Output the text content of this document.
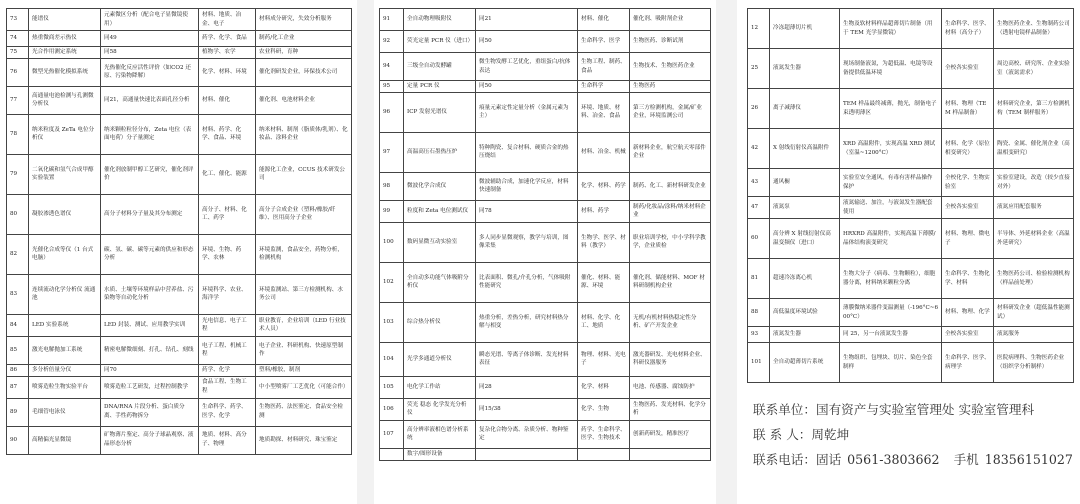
73	能谱仪	元素微区分析（配合电子显微镜使用）	材料、地质、冶金、电子	材料成分研究，失效分析服务
74	热重微商差示热仪	同49	药学、化学、食品	制药/化工企业
75	光合作用测定系统	同58	植物学、农学	农业科研，育种
76	微型光热催化模拟系统	光热催化反应活性评价（如CO2 还原、污染物降解）	化学、材料、环境	催化剂研发企业，环保技术公司
77	高通量电池检测与孔测微分析仪	同21，高通量快速比表面孔径分析	材料、催化	催化剂、电池材料企业
78	纳米粒度及 ZeTa 电位分析仪	纳米颗粒粒径分布，Zeta 电位（表面电荷）分子量测定	材料、药学、化学、食品、环境	纳米材料、制剂（脂质体/乳剂）、化妆品、涂料企业
79	二氧化碳和氢气合成甲醇实验装置	催化剂放制甲醇工艺研究，催化剂评价	化工、催化、能源	能源化工企业，CCUS 技术研发公司
80	凝胶渗透色谱仪	高分子材料分子量及其分布测定	高分子、材料、化工、药学	高分子合成企业（塑料/橡胶/纤维）、医用高分子企业
82	光催化合成等仪（1 台式电脑）	碳、氢、碳、碳等元素的供应和形态分析	环境、生物、药学、农林	环境监测，食品安全，药物分析，检测机构
83	连续流动化学分析仪 流通池	水质、土壤等环境样品中营养盐、污染物等自动化分析	环境科学、农业、海洋学	环境监测站、第三方检测机构、水务公司
84	LED 实验系统	LED 封装、测试、应用教学实训	光电信息、电子工程	职业教育，企业培训（LED 行业技术人员）
85	激光电解抛加工系统	精密电解微细刻、打孔、钻孔、刻线	电子工程、机械工程	电子企业、科研机构、快速原型制作
86	多分析倍量分仪	同70	药学、化学	塑料/橡胶，制剂
87	喷雾造粒生物实验平台	喷雾造粒工艺研发，过程控制教学	食品工程、生物工程	中小型喷雾厂工艺优化（可能合作）
89	毛细管电泳仪	DNA/RNA 片段分析、蛋白质分离、手性药物拆分	生命科学、药学、医学、化学	生物医药、法医鉴定、食品安全检测
90	高精偏光显微镜	矿物薄片鉴定、高分子球晶观察、液晶形态分析	地质、材料、高分子、物理	地质勘探、材料研究、珠宝鉴定
91	全自动物理吸附仪	同21	材料、催化	催化剂、吸附剂企业
92	荧光定量 PCR 仪（进口）	同50	生命科学、医学	生物医药、诊断试剂
94	三级全自动发酵罐	微生物发酵工艺优化，重组蛋白/抗体表达	生物工程、制药、食品	生物技术、生物医药企业
95	定量 PCR 仪	同50	生命科学	生物医药
96	ICP 发射光谱仪	痕量元素定性定量分析（金属元素为主）	环境、地质、材料、冶金、食品	第三方检测机构，金属/矿业企业，环境监测公司
97	高温高压石墨热压炉	特种陶瓷、复合材料、硬质合金的热压烧结	材料、冶金、机械	新材料企业，航空航天零部件企业
98	微波化学合成仪	微波辅助合成，加速化学反应，材料快速制备	化学、材料、药学	制药、化工、新材料研发企业
99	粒度和 Zeta 电位测试仪	同78	材料、药学	制药/化妆品/涂料/纳米材料企业
100	数码显微互动实验室	多人同步显微观察，教学与培训，图像采集	生物学、医学、材料（教学）	职业培训学校，中小学科学教学，企业质检
102	全自动多功能气体吸附分析仪	比表面积、微孔/介孔分析，气体吸附性能研究	催化、材料、能源、环境	催化剂、储能材料、MOF 材料研制机构企业
103	综合热分析仪	热重分析，差热分析，研究材料热分解与相变	材料、化学、化工、地质	无机/有机材料热稳定性分析、矿产开发企业
104	光学多通道分析仪	瞬态光谱、等离子体诊断、发光材料表征	物理、材料、光电子	激光器研发、光电材料企业、科研仪器服务
105	电化学工作站	同28	化学、材料	电池、传感器、腐蚀防护
106	荧光 稳态 化学发光分析仪	同15/38	化学、生物	生物医药、发光材料、化学分析
107	高分辨率液相色谱分析系统	复杂化合物分离、杂质分析、物种鉴定	药学、生命科学、医学、生物技术	创新药研发，精准医疗
	数字/图形设备			
12	冷冻超薄切片机	生物及软材料样品超薄切片制备（用于 TEM 光学显微镜）	生命科学、医学、材料（高分子）	生物医药企业、生物制药公司（透射电镜样品制备）
25	液氮发生器	现场制备液氮，为超低温、电镜等设备提供低温环境	全校各实验室	周边高校、研究所、企业实验室（液氮需求）
26	离子减薄仪	TEM 样品最终减薄，抛光，制备电子束透明薄区	材料、物理（TEM 样品制备）	材料研究企业，第三方检测机构（TEM 制样服务）
42	X 射线衍射仪高温附件	XRD 高温附件，实现高温 XRD 测试（室温~1200°C）	材料、化学（原位相变研究）	陶瓷、金属、催化剂企业（高温相变研究）
43	通风橱	实验室安全通风，有毒有害样品操作保护	全校化学、生物实验室	实验室建设，改造（较少直接对外）
47	液氮泵	液氮输送、加注，与液氮发生器配套使用	全校各实验室	液氮应用配套服务
60	高分辨 X 射线衍射仪高温变频仪（进口）	HRXRD 高温附件，实现高温下薄膜/晶体结构演变研究	材料、物理、微电子	半导体、外延材料企业（高温外延研究）
81	超速冷冻离心机	生物大分子（病毒、生物颗粒），细胞器分离，材料纳米颗粒分离	生命科学、生物化学、材料	生物医药公司、检验检测机构（样品前处理）
88	高低温度环境试验	薄膜微纳米器件变温测量（-196°C~600°C）	材料、物理、化学	材料研发企业（超低温性能测试）
93	液氮发生器	同 25，另一台液氮发生器	全校各实验室	液氮服务
101	全自动超薄切片系统	生物组织、包埋块、切片、染色全套制样	生命科学、医学、病理学	医院病理科、生物医药企业（组织学分析制样）
联系单位：国有资产与实验室管理处 实验室管理科
联 系 人：周乾坤
联系电话：固话 0561-3803662 手机 18356151027
